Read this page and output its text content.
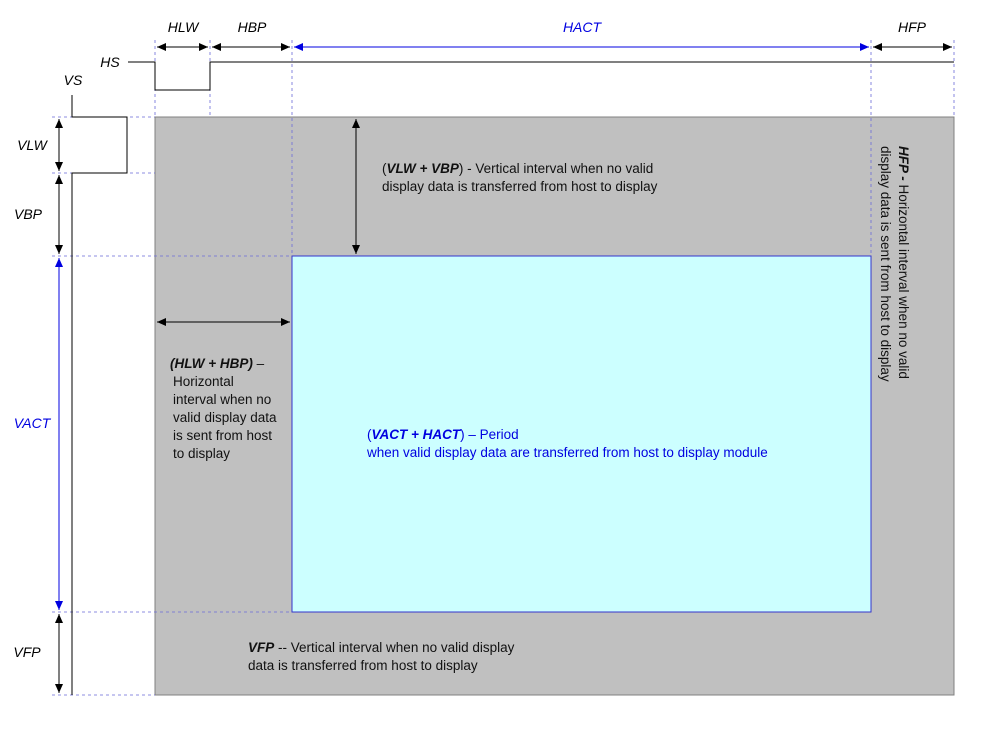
HLW	HBP	HACT	HFP
HS
VS
VLW
VBP
VACT
VFP
(VLW + VBP) - Vertical interval when no valid
display data is transferred from host to display
(HLW + HBP) –
Horizontal
interval when no
valid display data
is sent from host
to display
(VACT + HACT) – Period
when valid display data are transferred from host to display module
VFP -- Vertical interval when no valid display
data is transferred from host to display
HFP - Horizontal interval when no valid
display data is sent from host to display
